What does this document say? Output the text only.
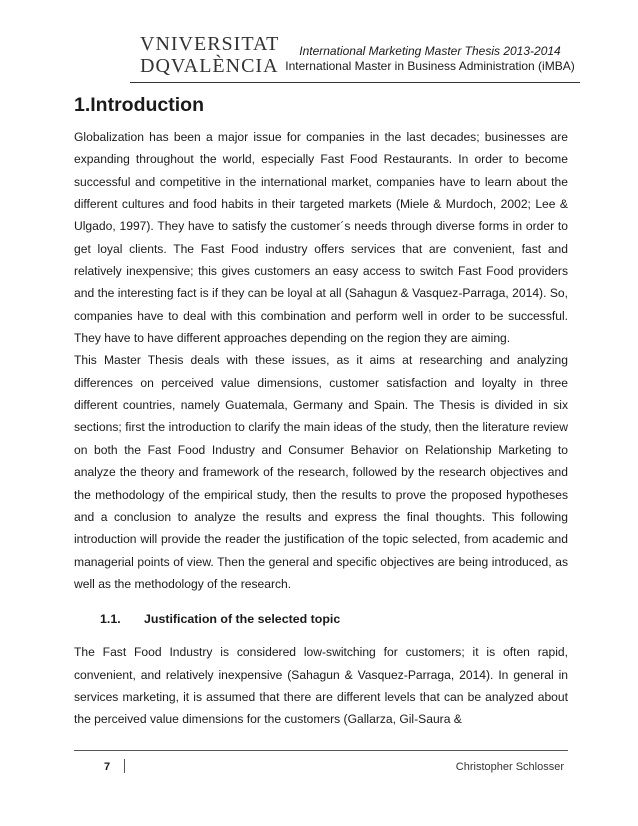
VNIVERSITAT
DQVALÈNCIA
International Marketing Master Thesis 2013-2014
International Master in Business Administration (iMBA)
1.Introduction

Globalization has been a major issue for companies in the last decades; businesses are expanding throughout the world, especially Fast Food Restaurants. In order to become successful and competitive in the international market, companies have to learn about the different cultures and food habits in their targeted markets (Miele & Murdoch, 2002; Lee & Ulgado, 1997). They have to satisfy the customer´s needs through diverse forms in order to get loyal clients. The Fast Food industry offers services that are convenient, fast and relatively inexpensive; this gives customers an easy access to switch Fast Food providers and the interesting fact is if they can be loyal at all (Sahagun & Vasquez-Parraga, 2014). So, companies have to deal with this combination and perform well in order to be successful. They have to have different approaches depending on the region they are aiming.

This Master Thesis deals with these issues, as it aims at researching and analyzing differences on perceived value dimensions, customer satisfaction and loyalty in three different countries, namely Guatemala, Germany and Spain. The Thesis is divided in six sections; first the introduction to clarify the main ideas of the study, then the literature review on both the Fast Food Industry and Consumer Behavior on Relationship Marketing to analyze the theory and framework of the research, followed by the research objectives and the methodology of the empirical study, then the results to prove the proposed hypotheses and a conclusion to analyze the results and express the final thoughts. This following introduction will provide the reader the justification of the topic selected, from academic and managerial points of view. Then the general and specific objectives are being introduced, as well as the methodology of the research.

1.1. Justification of the selected topic

The Fast Food Industry is considered low-switching for customers; it is often rapid, convenient, and relatively inexpensive (Sahagun & Vasquez-Parraga, 2014). In general in services marketing, it is assumed that there are different levels that can be analyzed about the perceived value dimensions for the customers (Gallarza, Gil-Saura &

7	Christopher Schlosser
